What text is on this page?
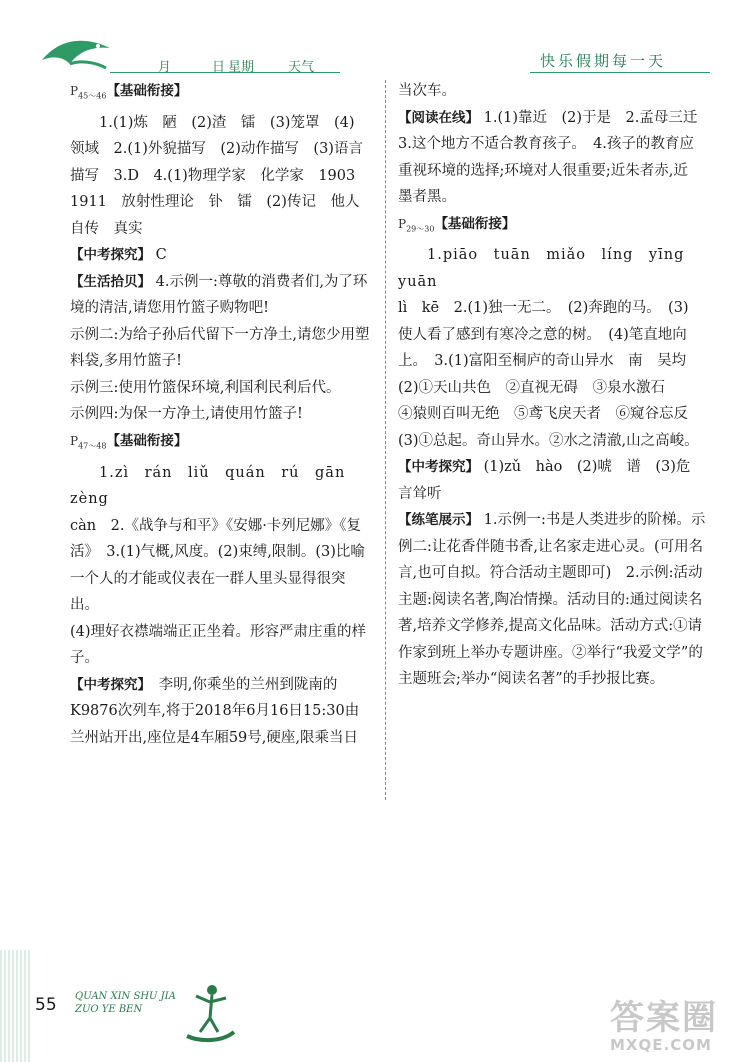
月	日 星期	天气	快乐假期每一天

$P_{45\sim 46}$【基础衔接】

1.(1)炼　陋　(2)渣　镭　(3)笼罩　(4)

领域　2.(1)外貌描写　(2)动作描写　(3)语言

描写　3.D　4.(1)物理学家　化学家　1903

1911　放射性理论　钋　镭　(2)传记　他人

自传　真实

【中考探究】 C

【生活拾贝】 4.示例一:尊敬的消费者们,为了环

境的清洁,请您用竹篮子购物吧!

示例二:为给子孙后代留下一方净土,请您少用塑

料袋,多用竹篮子!

示例三:使用竹篮保环境,利国利民利后代。

示例四:为保一方净土,请使用竹篮子!

$P_{47\sim 48}$【基础衔接】

1.zì　rán　liǔ　quán　rú　gān　zèng

càn　2.《战争与和平》《安娜·卡列尼娜》《复

活》　3.(1)气概,风度。(2)束缚,限制。(3)比喻

一个人的才能或仪表在一群人里头显得很突出。

(4)理好衣襟端端正正坐着。形容严肃庄重的样

子。

【中考探究】　 李明,你乘坐的兰州到陇南的

K9876次列车,将于2018年6月16日15:30由

兰州站开出,座位是4车厢59号,硬座,限乘当日

当次车。

【阅读在线】 1.(1)靠近　(2)于是　2.孟母三迁

3.这个地方不适合教育孩子。　4.孩子的教育应

重视环境的选择;环境对人很重要;近朱者赤,近

墨者黑。

$P_{29\sim 30}$【基础衔接】

1.piāo　tuān　miǎo　líng　yīng　yuān

lì　kē　2.(1)独一无二。　(2)奔跑的马。　(3)

使人看了感到有寒冷之意的树。　(4)笔直地向

上。　3.(1)富阳至桐庐的奇山异水　南　吴均

(2)①天山共色　②直视无碍　③泉水激石

④猿则百叫无绝　⑤鸢飞戾天者　⑥窥谷忘反

(3)①总起。奇山异水。②水之清澈,山之高峻。

【中考探究】 (1)zǔ　hào　(2)唬　谱　(3)危

言耸听

【练笔展示】 1.示例一:书是人类进步的阶梯。示

例二:让花香伴随书香,让名家走进心灵。(可用名

言,也可自拟。符合活动主题即可)　2.示例:活动

主题:阅读名著,陶冶情操。活动目的:通过阅读名

著,培养文学修养,提高文化品味。活动方式:①请

作家到班上举办专题讲座。②举行“我爱文学”的

主题班会;举办“阅读名著”的手抄报比赛。

55 QUAN XIN SHU JIA
ZUO YE BEN	答案圈
MXQE.COM
